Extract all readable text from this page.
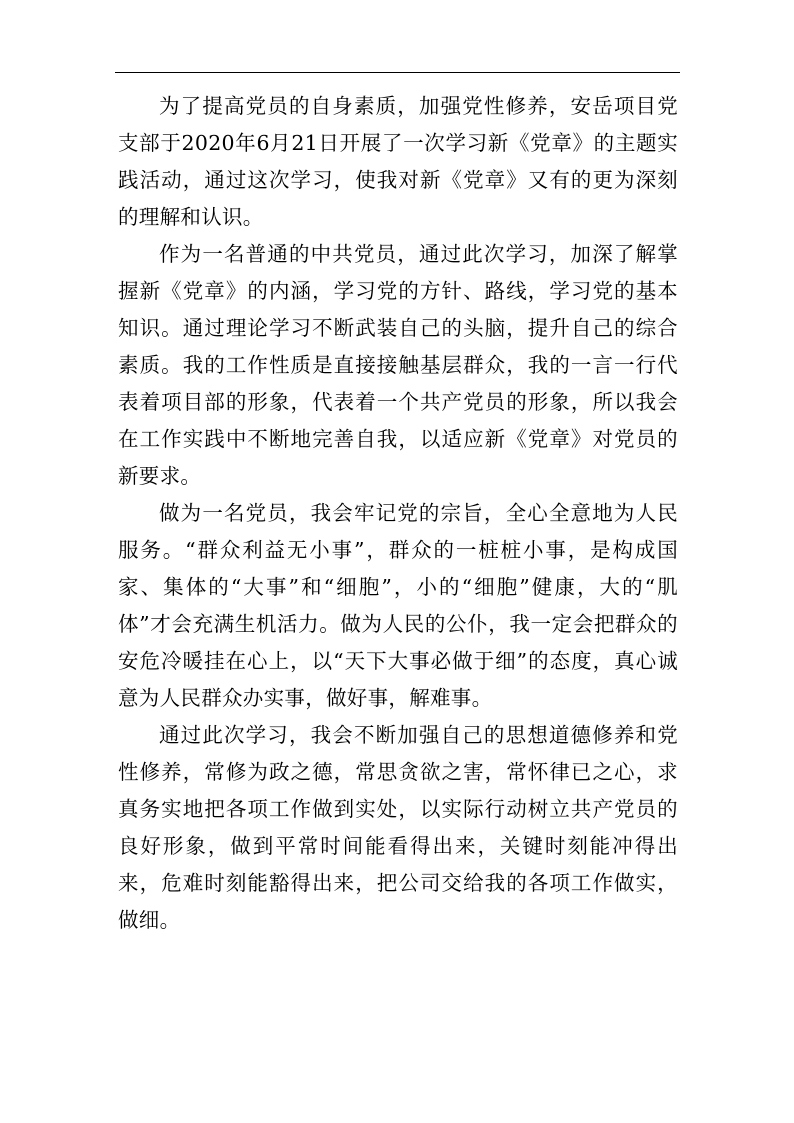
为了提高党员的自身素质，加强党性修养，安岳项目党支部于2020年6月21日开展了一次学习新《党章》的主题实践活动，通过这次学习，使我对新《党章》又有的更为深刻的理解和认识。

作为一名普通的中共党员，通过此次学习，加深了解掌握新《党章》的内涵，学习党的方针、路线，学习党的基本知识。通过理论学习不断武装自己的头脑，提升自己的综合素质。我的工作性质是直接接触基层群众，我的一言一行代表着项目部的形象，代表着一个共产党员的形象，所以我会在工作实践中不断地完善自我，以适应新《党章》对党员的新要求。

做为一名党员，我会牢记党的宗旨，全心全意地为人民服务。“群众利益无小事”，群众的一桩桩小事，是构成国家、集体的“大事”和“细胞”，小的“细胞”健康，大的“肌体”才会充满生机活力。做为人民的公仆，我一定会把群众的安危冷暖挂在心上，以“天下大事必做于细”的态度，真心诚意为人民群众办实事，做好事，解难事。

通过此次学习，我会不断加强自己的思想道德修养和党性修养，常修为政之德，常思贪欲之害，常怀律已之心，求真务实地把各项工作做到实处，以实际行动树立共产党员的良好形象，做到平常时间能看得出来，关键时刻能冲得出来，危难时刻能豁得出来，把公司交给我的各项工作做实，做细。
